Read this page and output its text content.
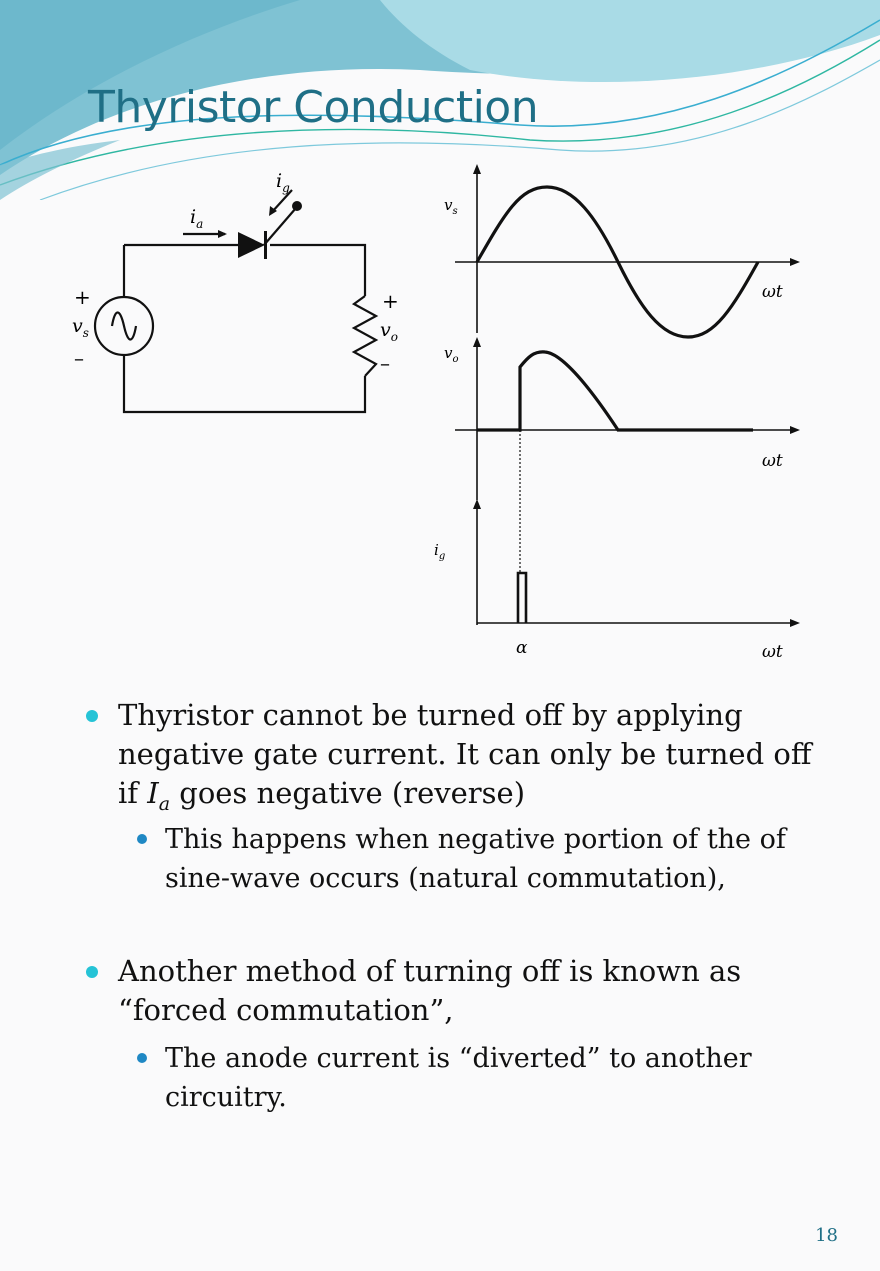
Thyristor Conduction
$i_a$
$i_g$
+
$v_s$
–
+
$v_o$
–
$v_s$
$v_o$
$i_g$
ωt
ωt
ωt
α
Thyristor cannot be turned off by applying negative gate current. It can only be turned off if $I_a$ goes negative (reverse)
This happens when negative portion of the of sine-wave occurs (natural commutation),
Another method of turning off is known as “forced commutation”,
The anode current is “diverted” to another circuitry.
18
